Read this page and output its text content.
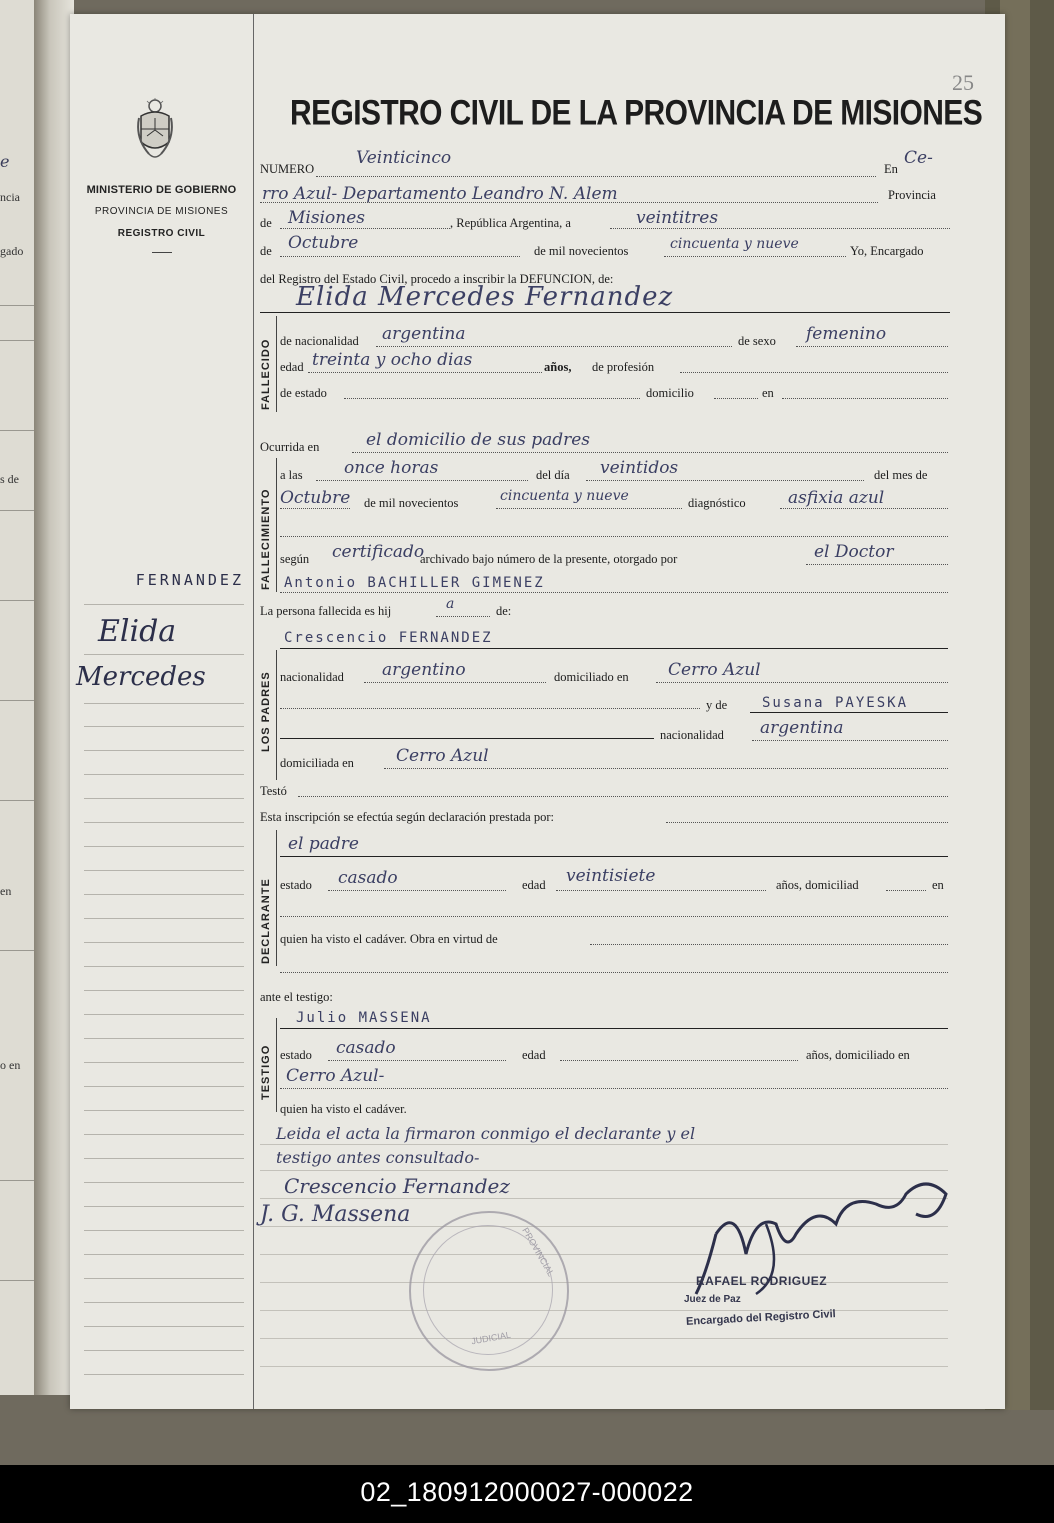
e
ncia
gado
s de
en
o en
MINISTERIO DE GOBIERNO
PROVINCIA DE MISIONES
REGISTRO CIVIL
FERNANDEZ
Elida
Mercedes
25
REGISTRO CIVIL DE LA PROVINCIA DE MISIONES
NUMERO
Veinticinco
En
Ce-
rro Azul- Departamento Leandro N. Alem	Provincia
de Misiones	, República Argentina, a	veintitres
de Octubre	de mil novecientos	cincuenta y nueve	Yo, Encargado
del Registro del Estado Civil, procedo a inscribir la DEFUNCION, de:
Elida Mercedes Fernandez
FALLECIDO de nacionalidad argentina	de sexo femenino
edad treinta y ocho dias	años, de profesión
de estado	domicilio	en
Ocurrida en	el domicilio de sus padres
FALLECIMIENTO
a las once horas	del día veintidos	del mes de
Octubre de mil novecientos	cincuenta y nueve	diagnóstico asfixia azul
según certificado
archivado bajo número de la presente, otorgado por	el Doctor
Antonio BACHILLER GIMENEZ
La persona fallecida es hij	a	de:
Crescencio FERNANDEZ
LOS PADRES nacionalidad argentino	domiciliado en Cerro Azul
y de Susana PAYESKA
nacionalidad argentina
domiciliada en Cerro Azul
Testó
Esta inscripción se efectúa según declaración prestada por:
el padre
DECLARANTE estado casado	edad veintisiete	años, domiciliad	en
quien ha visto el cadáver. Obra en virtud de
ante el testigo:
Julio MASSENA
TESTIGO estado casado	edad	años, domiciliado en
Cerro Azul-
quien ha visto el cadáver.
Leida el acta la firmaron conmigo el declarante y el
testigo antes consultado-
Crescencio Fernandez
J. G. Massena
RAFAEL RODRIGUEZ
Juez de Paz
Encargado del Registro Civil
PROVINCIAL
JUDICIAL
02_180912000027-000022
